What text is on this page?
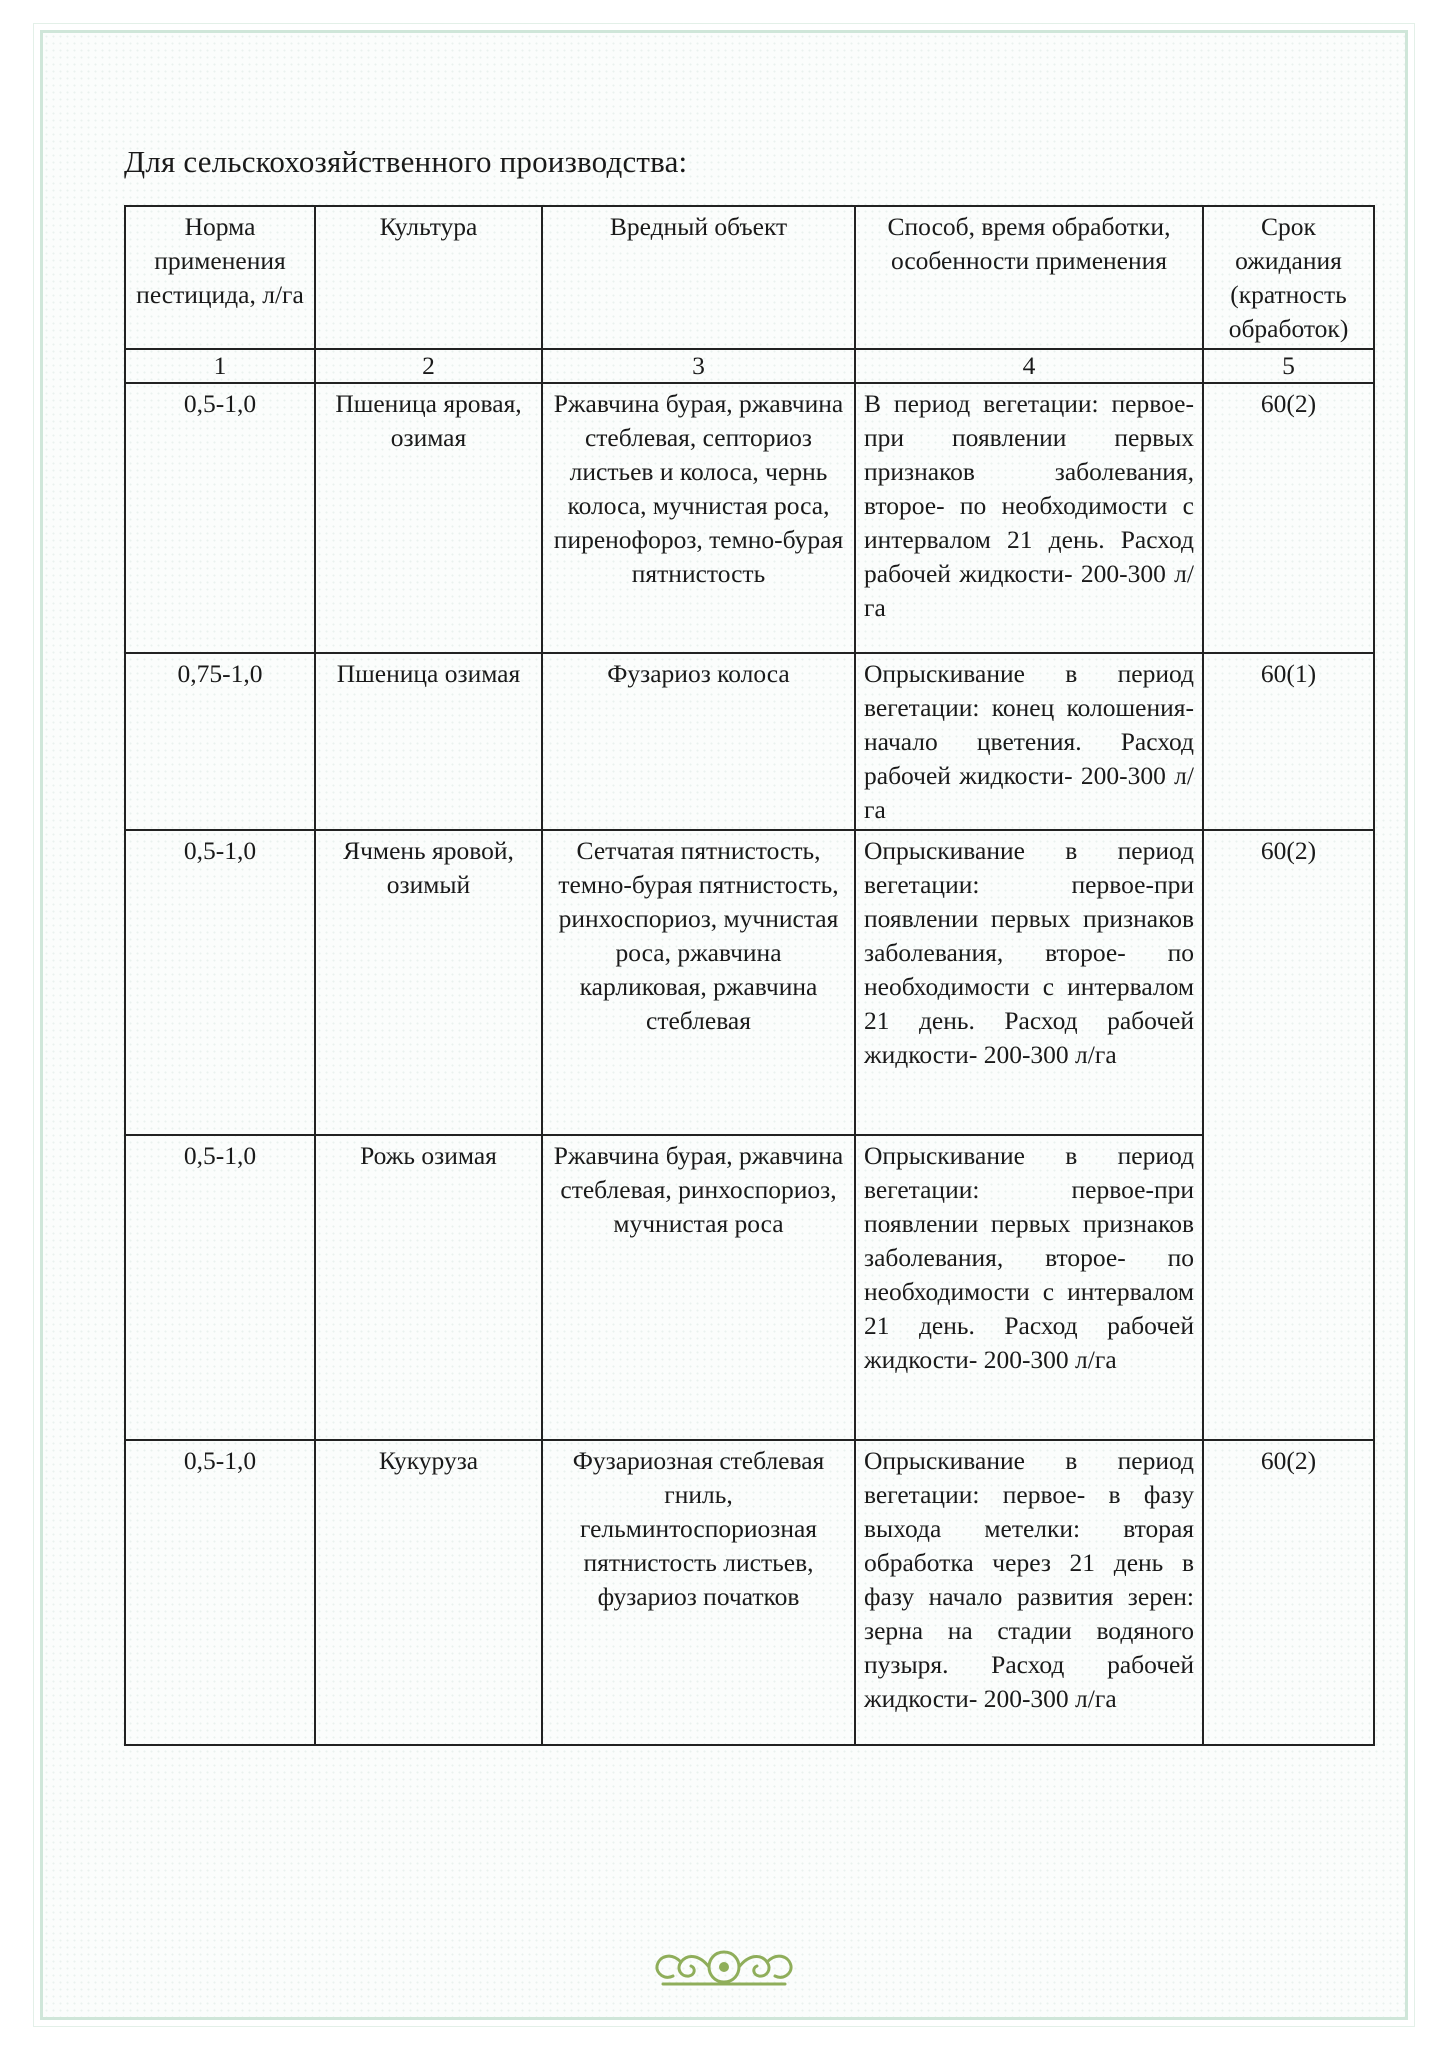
Для сельскохозяйственного производства:
Норма применения пестицида, л/га	Культура	Вредный объект	Способ, время обработки, особенности применения	Срок ожидания (кратность обработок)
1	2	3	4	5
0,5-1,0	Пшеница яровая, озимая	Ржавчина бурая, ржавчина стеблевая, септориоз листьев и колоса, чернь колоса, мучнистая роса, пиренофороз, темно-бурая пятнистость	В период вегетации: первое-при появлении первых признаков заболевания, второе- по необходимости с интервалом 21 день. Расход рабочей жидкости- 200-300 л/га	60(2)
0,75-1,0	Пшеница озимая	Фузариоз колоса	Опрыскивание в период вегетации: конец колошения-начало цветения. Расход рабочей жидкости- 200-300 л/га	60(1)
0,5-1,0	Ячмень яровой, озимый	Сетчатая пятнистость, темно-бурая пятнистость, ринхоспориоз, мучнистая роса, ржавчина карликовая, ржавчина стеблевая	Опрыскивание в период вегетации: первое-при появлении первых признаков заболевания, второе- по необходимости с интервалом 21 день. Расход рабочей жидкости- 200-300 л/га	60(2)
0,5-1,0	Рожь озимая	Ржавчина бурая, ржавчина стеблевая, ринхоспориоз, мучнистая роса	Опрыскивание в период вегетации: первое-при появлении первых признаков заболевания, второе- по необходимости с интервалом 21 день. Расход рабочей жидкости- 200-300 л/га	
0,5-1,0	Кукуруза	Фузариозная стеблевая гниль, гельминтоспориозная пятнистость листьев, фузариоз початков	Опрыскивание в период вегетации: первое- в фазу выхода метелки: вторая обработка через 21 день в фазу начало развития зерен: зерна на стадии водяного пузыря. Расход рабочей жидкости- 200-300 л/га	60(2)
